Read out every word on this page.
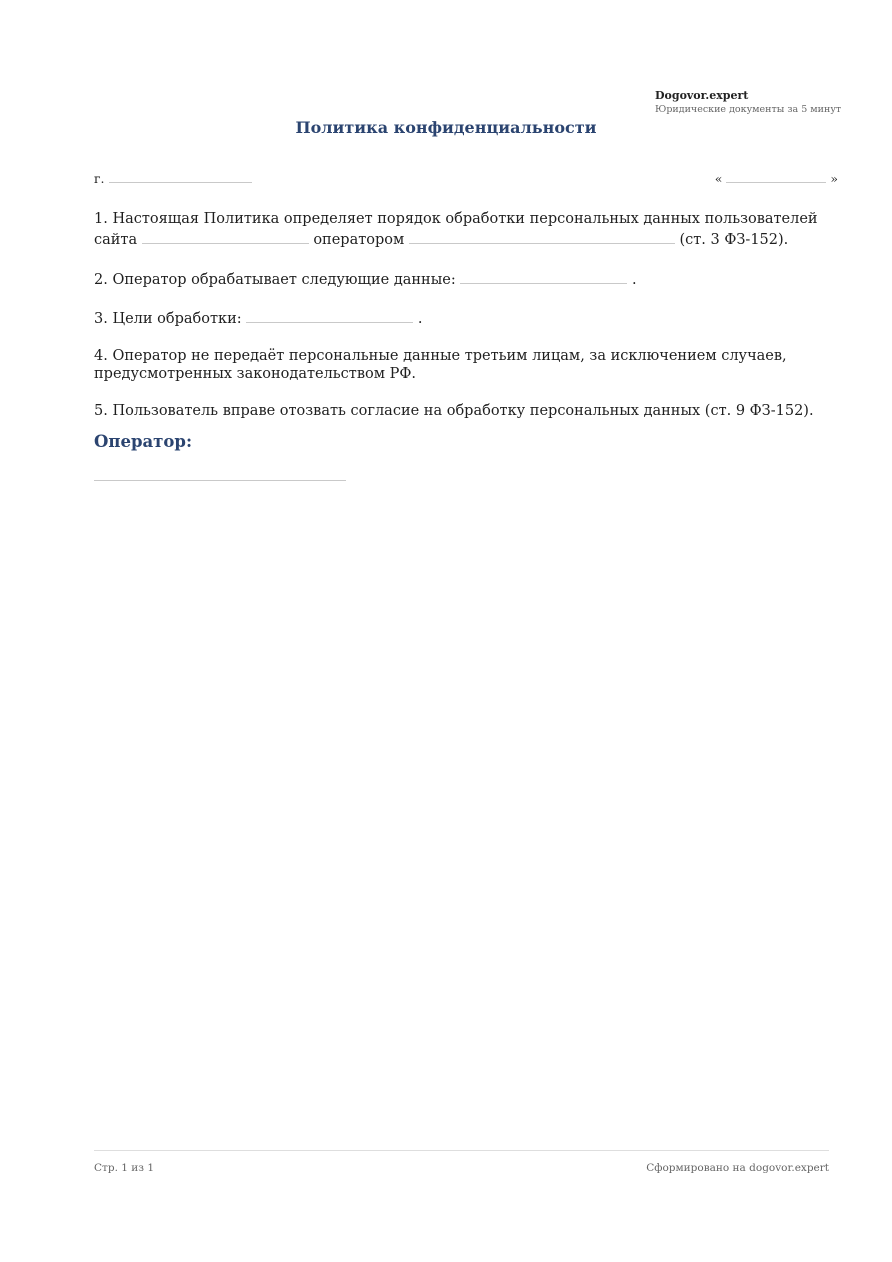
Dogovor.expert
Юридические документы за 5 минут
Политика конфиденциальности
г.	«	»

1. Настоящая Политика определяет порядок обработки персональных данных пользователей сайта	оператором	(ст. 3 ФЗ-152).

2. Оператор обрабатывает следующие данные:	.

3. Цели обработки:	.

4. Оператор не передаёт персональные данные третьим лицам, за исключением случаев, предусмотренных законодательством РФ.

5. Пользователь вправе отозвать согласие на обработку персональных данных (ст. 9 ФЗ-152).

Оператор:
Стр. 1 из 1	Сформировано на dogovor.expert
